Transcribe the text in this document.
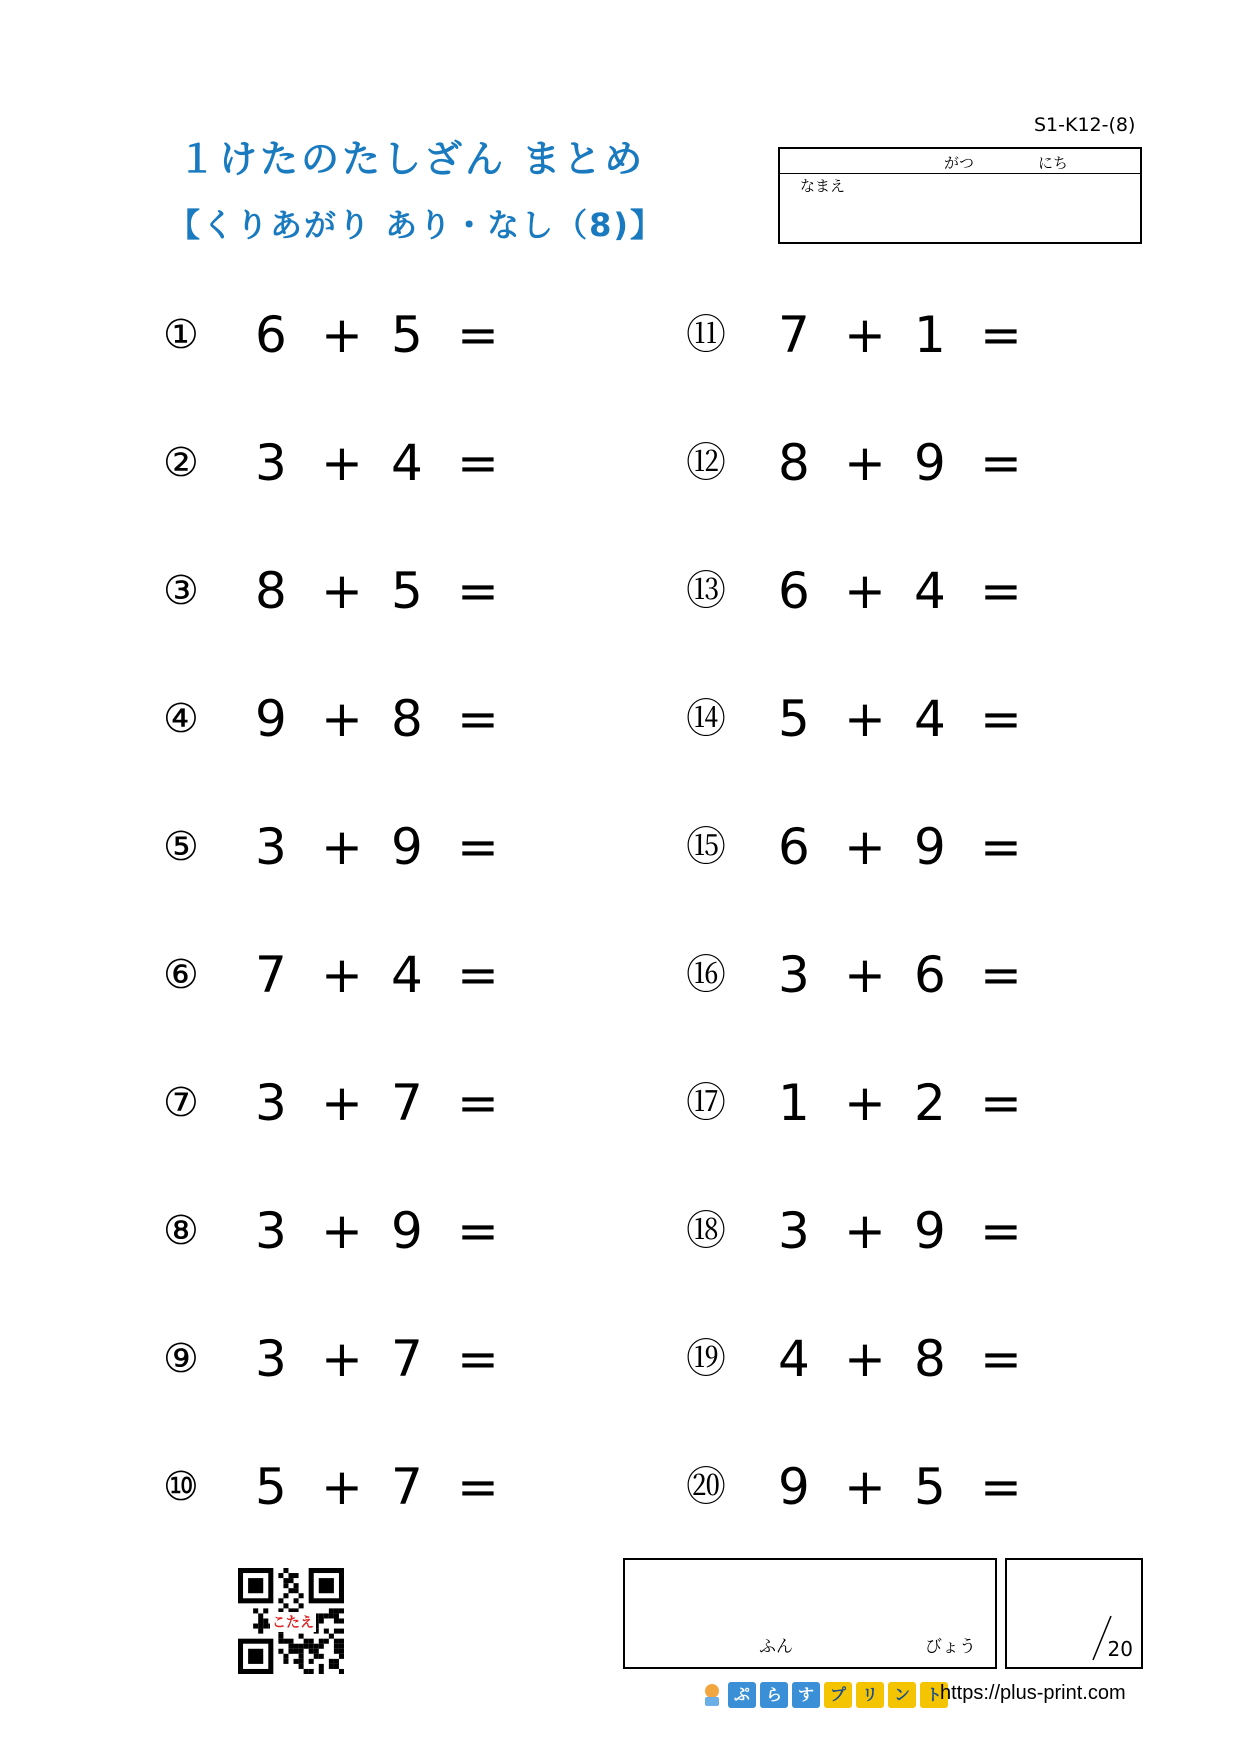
１けたのたしざん まとめ
【くりあがり あり・なし（8)】
S1-K12-(8)
がつ	にち
なまえ
① 6 + 5 =
② 3 + 4 =
③ 8 + 5 =
④ 9 + 8 =
⑤ 3 + 9 =
⑥ 7 + 4 =
⑦ 3 + 7 =
⑧ 3 + 9 =
⑨ 3 + 7 =
⑩ 5 + 7 =
⑪ 7 + 1 =
⑫ 8 + 9 =
⑬ 6 + 4 =
⑭ 5 + 4 =
⑮ 6 + 9 =
⑯ 3 + 6 =
⑰ 1 + 2 =
⑱ 3 + 9 =
⑲ 4 + 8 =
⑳ 9 + 5 =
こたえ
ふん	びょう	20
ぷ ら す プ リ ン ト
https://plus-print.com
